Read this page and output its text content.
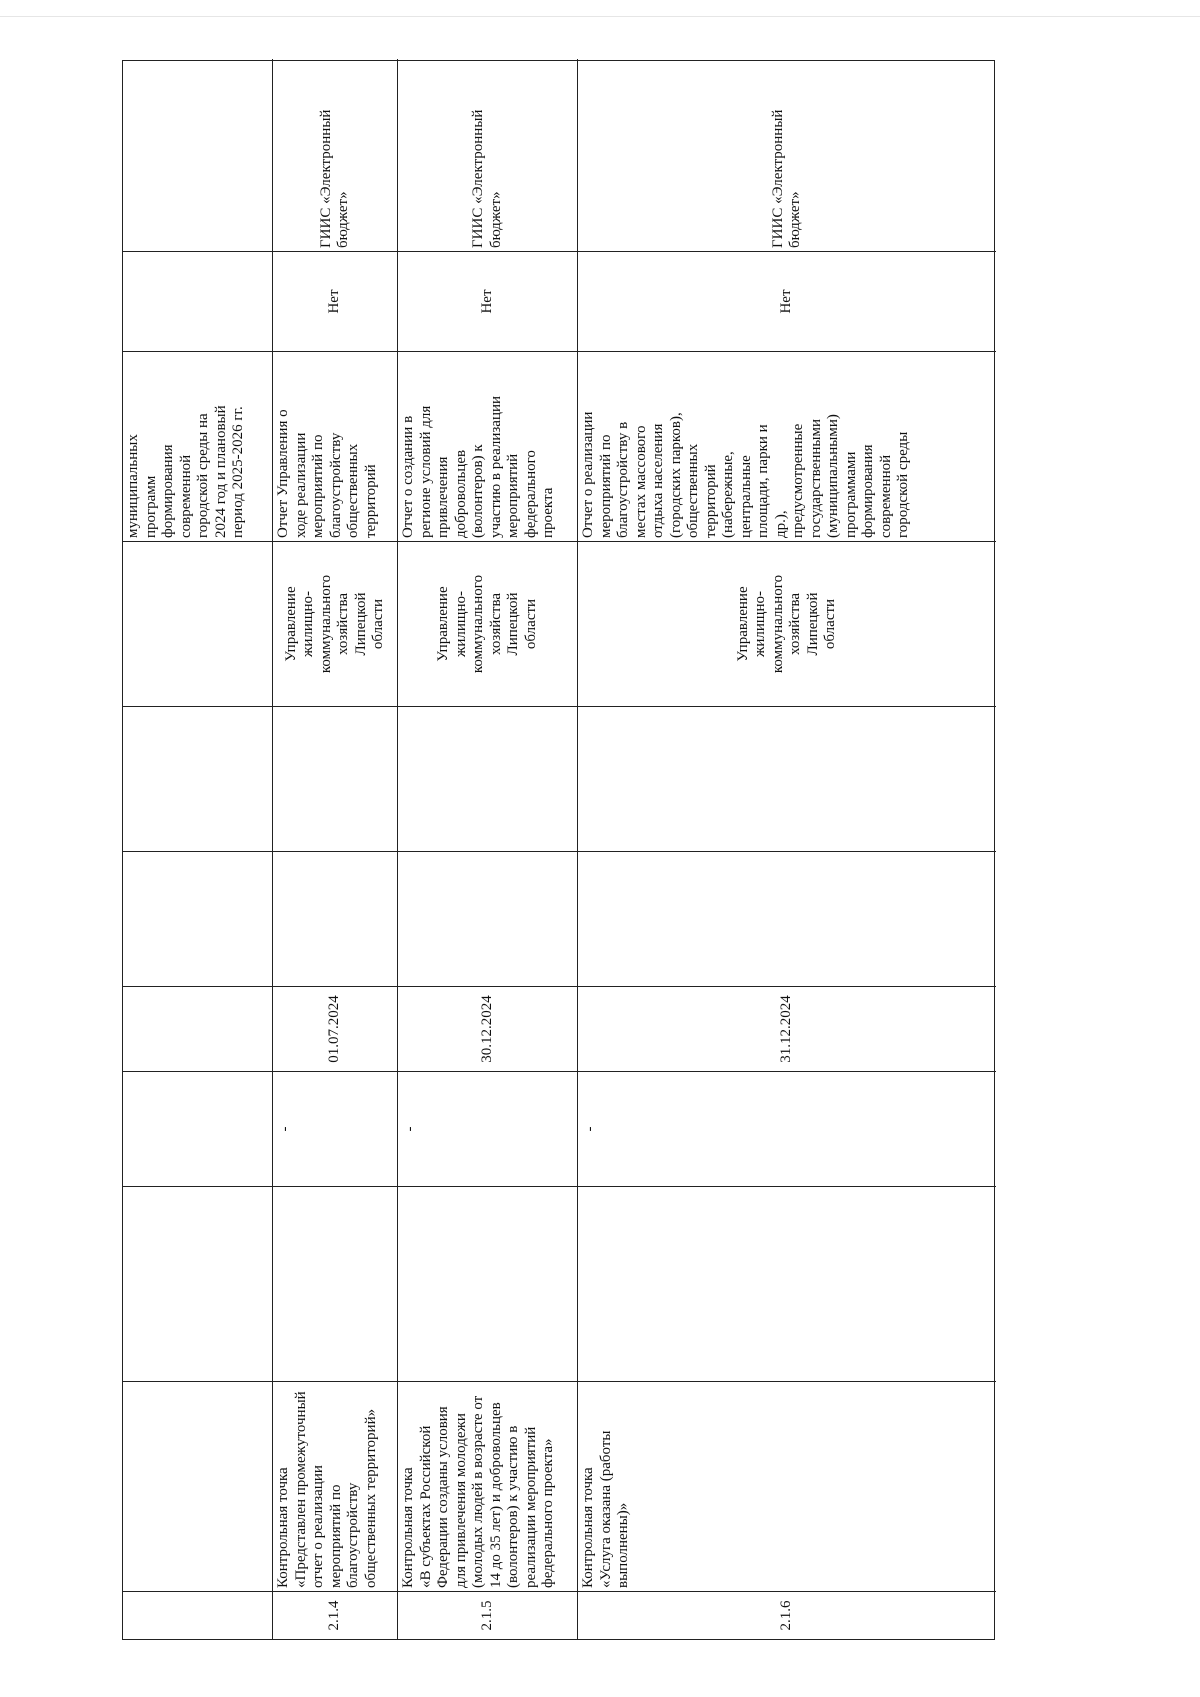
муниципальных
программ
формирования
современной
городской среды на
2024 год и плановый
период 2025-2026 гг.
2.1.4
Контрольная точка
«Представлен промежуточный отчет о реализации мероприятий по благоустройству общественных территорий»
-
01.07.2024
Управление
жилищно-
коммунального
хозяйства
Липецкой
области
Отчет Управления о
ходе реализации
мероприятий по
благоустройству
общественных
территорий
Нет
ГИИС «Электронный бюджет»
2.1.5
Контрольная точка
«В субъектах Российской Федерации созданы условия для привлечения молодежи (молодых людей в возрасте от 14 до 35 лет) и добровольцев (волонтеров) к участию в реализации мероприятий федерального проекта»
-
30.12.2024
Управление
жилищно-
коммунального
хозяйства
Липецкой
области
Отчет о создании в
регионе условий для
привлечения
добровольцев
(волонтеров) к
участию в реализации
мероприятий
федерального
проекта
Нет
ГИИС «Электронный бюджет»
2.1.6
Контрольная точка
«Услуга оказана (работы выполнены)»
-
31.12.2024
Управление
жилищно-
коммунального
хозяйства
Липецкой
области
Отчет о реализации
мероприятий по
благоустройству в
местах массового
отдыха населения
(городских парков),
общественных
территорий
(набережные,
центральные
площади, парки и
др.),
предусмотренные
государственными
(муниципальными)
программами
формирования
современной
городской среды
Нет
ГИИС «Электронный бюджет»
